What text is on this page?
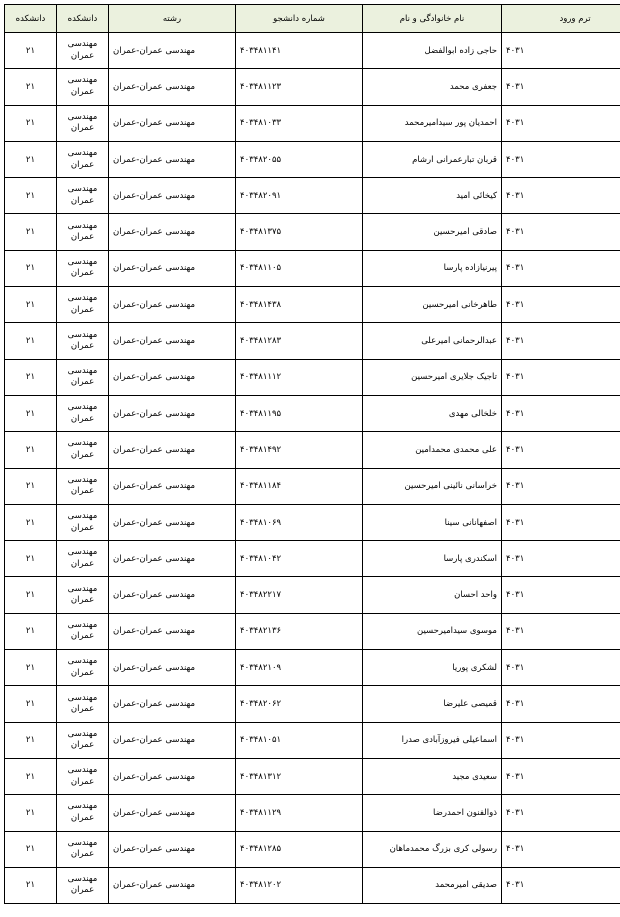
ترم ورود	نام خانوادگی و نام	شماره دانشجو	رشته	دانشکده	دانشکده
۴۰۳۱	حاجی زاده ابوالفضل	۴۰۳۴۸۱۱۴۱	مهندسی عمران-عمران	مهندسی عمران	۲۱
۴۰۳۱	جعفری محمد	۴۰۳۴۸۱۱۲۳	مهندسی عمران-عمران	مهندسی عمران	۲۱
۴۰۳۱	احمدیان پور سیدامیرمحمد	۴۰۳۴۸۱۰۳۳	مهندسی عمران-عمران	مهندسی عمران	۲۱
۴۰۳۱	قربان تبارعمرانی ارشام	۴۰۳۴۸۲۰۵۵	مهندسی عمران-عمران	مهندسی عمران	۲۱
۴۰۳۱	کیخائی امید	۴۰۳۴۸۲۰۹۱	مهندسی عمران-عمران	مهندسی عمران	۲۱
۴۰۳۱	صادقی امیرحسین	۴۰۳۴۸۱۳۷۵	مهندسی عمران-عمران	مهندسی عمران	۲۱
۴۰۳۱	پیرنیازاده پارسا	۴۰۳۴۸۱۱۰۵	مهندسی عمران-عمران	مهندسی عمران	۲۱
۴۰۳۱	طاهرخانی امیرحسین	۴۰۳۴۸۱۴۳۸	مهندسی عمران-عمران	مهندسی عمران	۲۱
۴۰۳۱	عبدالرحمانی امیرعلی	۴۰۳۴۸۱۲۸۳	مهندسی عمران-عمران	مهندسی عمران	۲۱
۴۰۳۱	تاجیک جلایری امیرحسین	۴۰۳۴۸۱۱۱۲	مهندسی عمران-عمران	مهندسی عمران	۲۱
۴۰۳۱	خلخالی مهدی	۴۰۳۴۸۱۱۹۵	مهندسی عمران-عمران	مهندسی عمران	۲۱
۴۰۳۱	علی محمدی محمدامین	۴۰۳۴۸۱۴۹۲	مهندسی عمران-عمران	مهندسی عمران	۲۱
۴۰۳۱	خراسانی نائینی امیرحسین	۴۰۳۴۸۱۱۸۴	مهندسی عمران-عمران	مهندسی عمران	۲۱
۴۰۳۱	اصفهانانی سینا	۴۰۳۴۸۱۰۶۹	مهندسی عمران-عمران	مهندسی عمران	۲۱
۴۰۳۱	اسکندری پارسا	۴۰۳۴۸۱۰۴۲	مهندسی عمران-عمران	مهندسی عمران	۲۱
۴۰۳۱	واحد احسان	۴۰۳۴۸۲۲۱۷	مهندسی عمران-عمران	مهندسی عمران	۲۱
۴۰۳۱	موسوی سیدامیرحسین	۴۰۳۴۸۲۱۳۶	مهندسی عمران-عمران	مهندسی عمران	۲۱
۴۰۳۱	لشکری پوریا	۴۰۳۴۸۲۱۰۹	مهندسی عمران-عمران	مهندسی عمران	۲۱
۴۰۳۱	قمیصی علیرضا	۴۰۳۴۸۲۰۶۲	مهندسی عمران-عمران	مهندسی عمران	۲۱
۴۰۳۱	اسماعیلی فیروزآبادی صدرا	۴۰۳۴۸۱۰۵۱	مهندسی عمران-عمران	مهندسی عمران	۲۱
۴۰۳۱	سعیدی مجید	۴۰۳۴۸۱۳۱۲	مهندسی عمران-عمران	مهندسی عمران	۲۱
۴۰۳۱	ذوالفنون احمدرضا	۴۰۳۴۸۱۱۲۹	مهندسی عمران-عمران	مهندسی عمران	۲۱
۴۰۳۱	رسولی کری بزرگ محمدماهان	۴۰۳۴۸۱۲۸۵	مهندسی عمران-عمران	مهندسی عمران	۲۱
۴۰۳۱	صدیقی امیرمحمد	۴۰۳۴۸۱۲۰۲	مهندسی عمران-عمران	مهندسی عمران	۲۱
